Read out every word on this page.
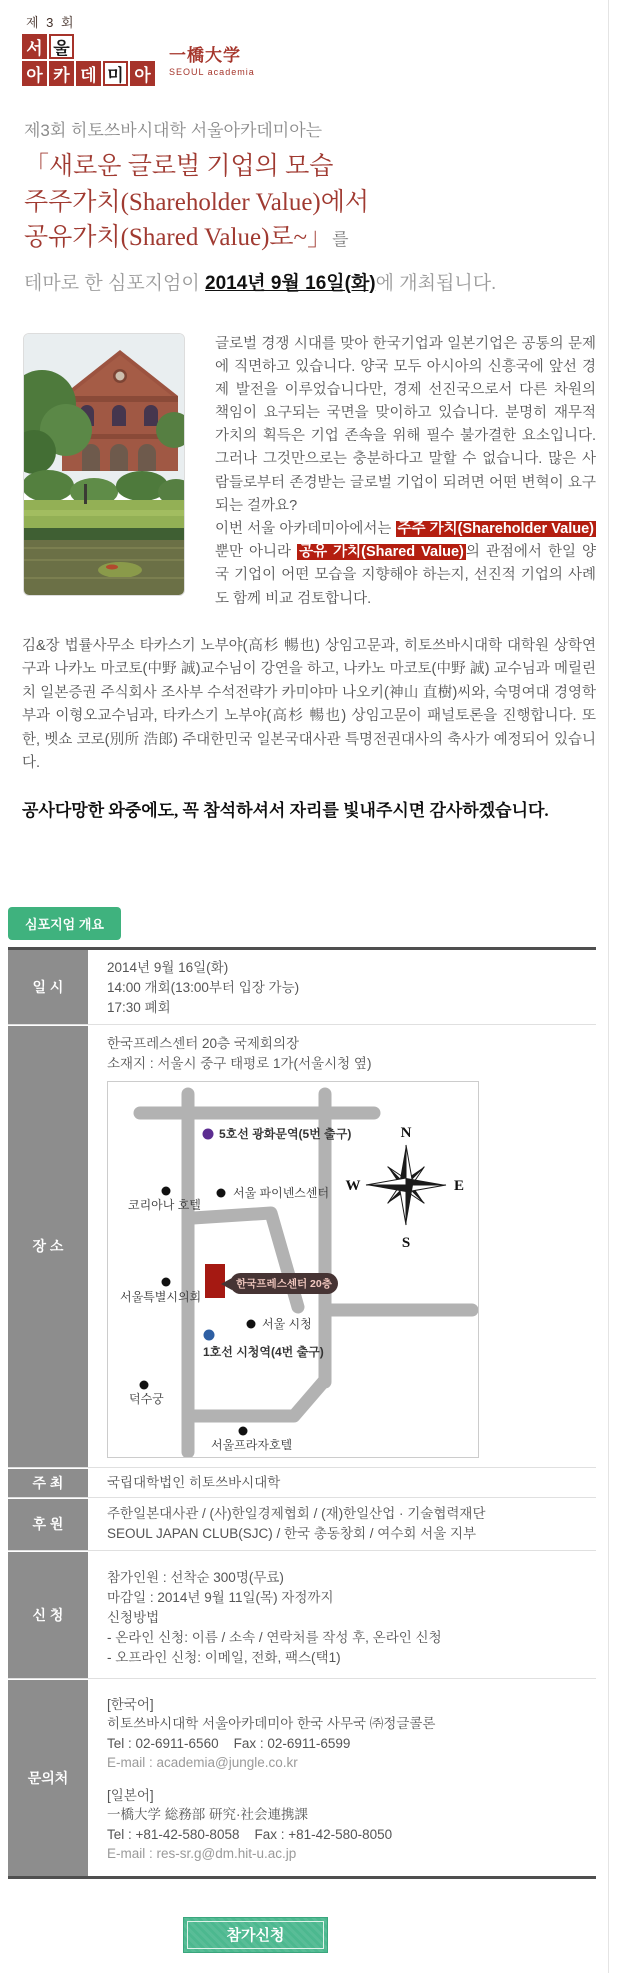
제 3 회
서 울
아 카 데 미 아
一橋大学
SEOUL academia
제3회 히토쓰바시대학 서울아카데미아는
「새로운 글로벌 기업의 모습
주주가치(Shareholder Value)에서
공유가치(Shared Value)로~」를
테마로 한 심포지엄이 2014년 9월 16일(화)에 개최됩니다.
글로벌 경쟁 시대를 맞아 한국기업과 일본기업은 공통의 문제에 직면하고 있습니다. 양국 모두 아시아의 신흥국에 앞선 경제 발전을 이루었습니다만, 경제 선진국으로서 다른 차원의 책임이 요구되는 국면을 맞이하고 있습니다. 분명히 재무적 가치의 획득은 기업 존속을 위해 필수 불가결한 요소입니다. 그러나 그것만으로는 충분하다고 말할 수 없습니다. 많은 사람들로부터 존경받는 글로벌 기업이 되려면 어떤 변혁이 요구되는 걸까요?
이번 서울 아카데미아에서는 주주 가치(Shareholder Value) 뿐만 아니라 공유 가치(Shared Value) 의 관점에서 한일 양국 기업이 어떤 모습을 지향해야 하는지, 선진적 기업의 사례도 함께 비교 검토합니다.
김&장 법률사무소 타카스기 노부야(高杉 暢也) 상임고문과, 히토쓰바시대학 대학원 상학연구과 나카노 마코토(中野 誠)교수님이 강연을 하고, 나카노 마코토(中野 誠) 교수님과 메릴린치 일본증권 주식회사 조사부 수석전략가 카미야마 나오키(神山 直樹)씨와, 숙명여대 경영학부과 이형오교수님과, 타카스기 노부야(高杉 暢也) 상임고문이 패널토론을 진행합니다. 또한, 벳쇼 코로(別所 浩郎) 주대한민국 일본국대사관 특명전권대사의 축사가 예정되어 있습니다.
공사다망한 와중에도, 꼭 참석하셔서 자리를 빛내주시면 감사하겠습니다.
심포지엄 개요
일 시
2014년 9월 16일(화)
14:00 개회(13:00부터 입장 가능)
17:30 폐회
장 소
한국프레스센터 20층 국제회의장
소재지 : 서울시 중구 태평로 1가(서울시청 옆)
N
W	E
S
5호선 광화문역(5번 출구)
코리아나 호텔
서울 파이넨스센터
한국프레스센터 20층
서울특별시의회
서울 시청
1호선 시청역(4번 출구)
덕수궁
서울프라자호텔
주 최	국립대학법인 히토쓰바시대학
후 원
주한일본대사관 / (사)한일경제협회 / (재)한일산업 · 기술협력재단
SEOUL JAPAN CLUB(SJC) / 한국 총동창회 / 여수회 서울 지부
신 청
참가인원 : 선착순 300명(무료)
마감일 : 2014년 9월 11일(목) 자정까지
신청방법
- 온라인 신청: 이름 / 소속 / 연락처를 작성 후, 온라인 신청
- 오프라인 신청: 이메일, 전화, 팩스(택1)
문의처
[한국어]
히토쓰바시대학 서울아카데미아 한국 사무국 ㈜정글콜론
Tel : 02-6911-6560    Fax : 02-6911-6599
E-mail : academia@jungle.co.kr
[일본어]
一橋大学 総務部 研究·社会連携課
Tel : +81-42-580-8058    Fax : +81-42-580-8050
E-mail : res-sr.g@dm.hit-u.ac.jp
참가신청
